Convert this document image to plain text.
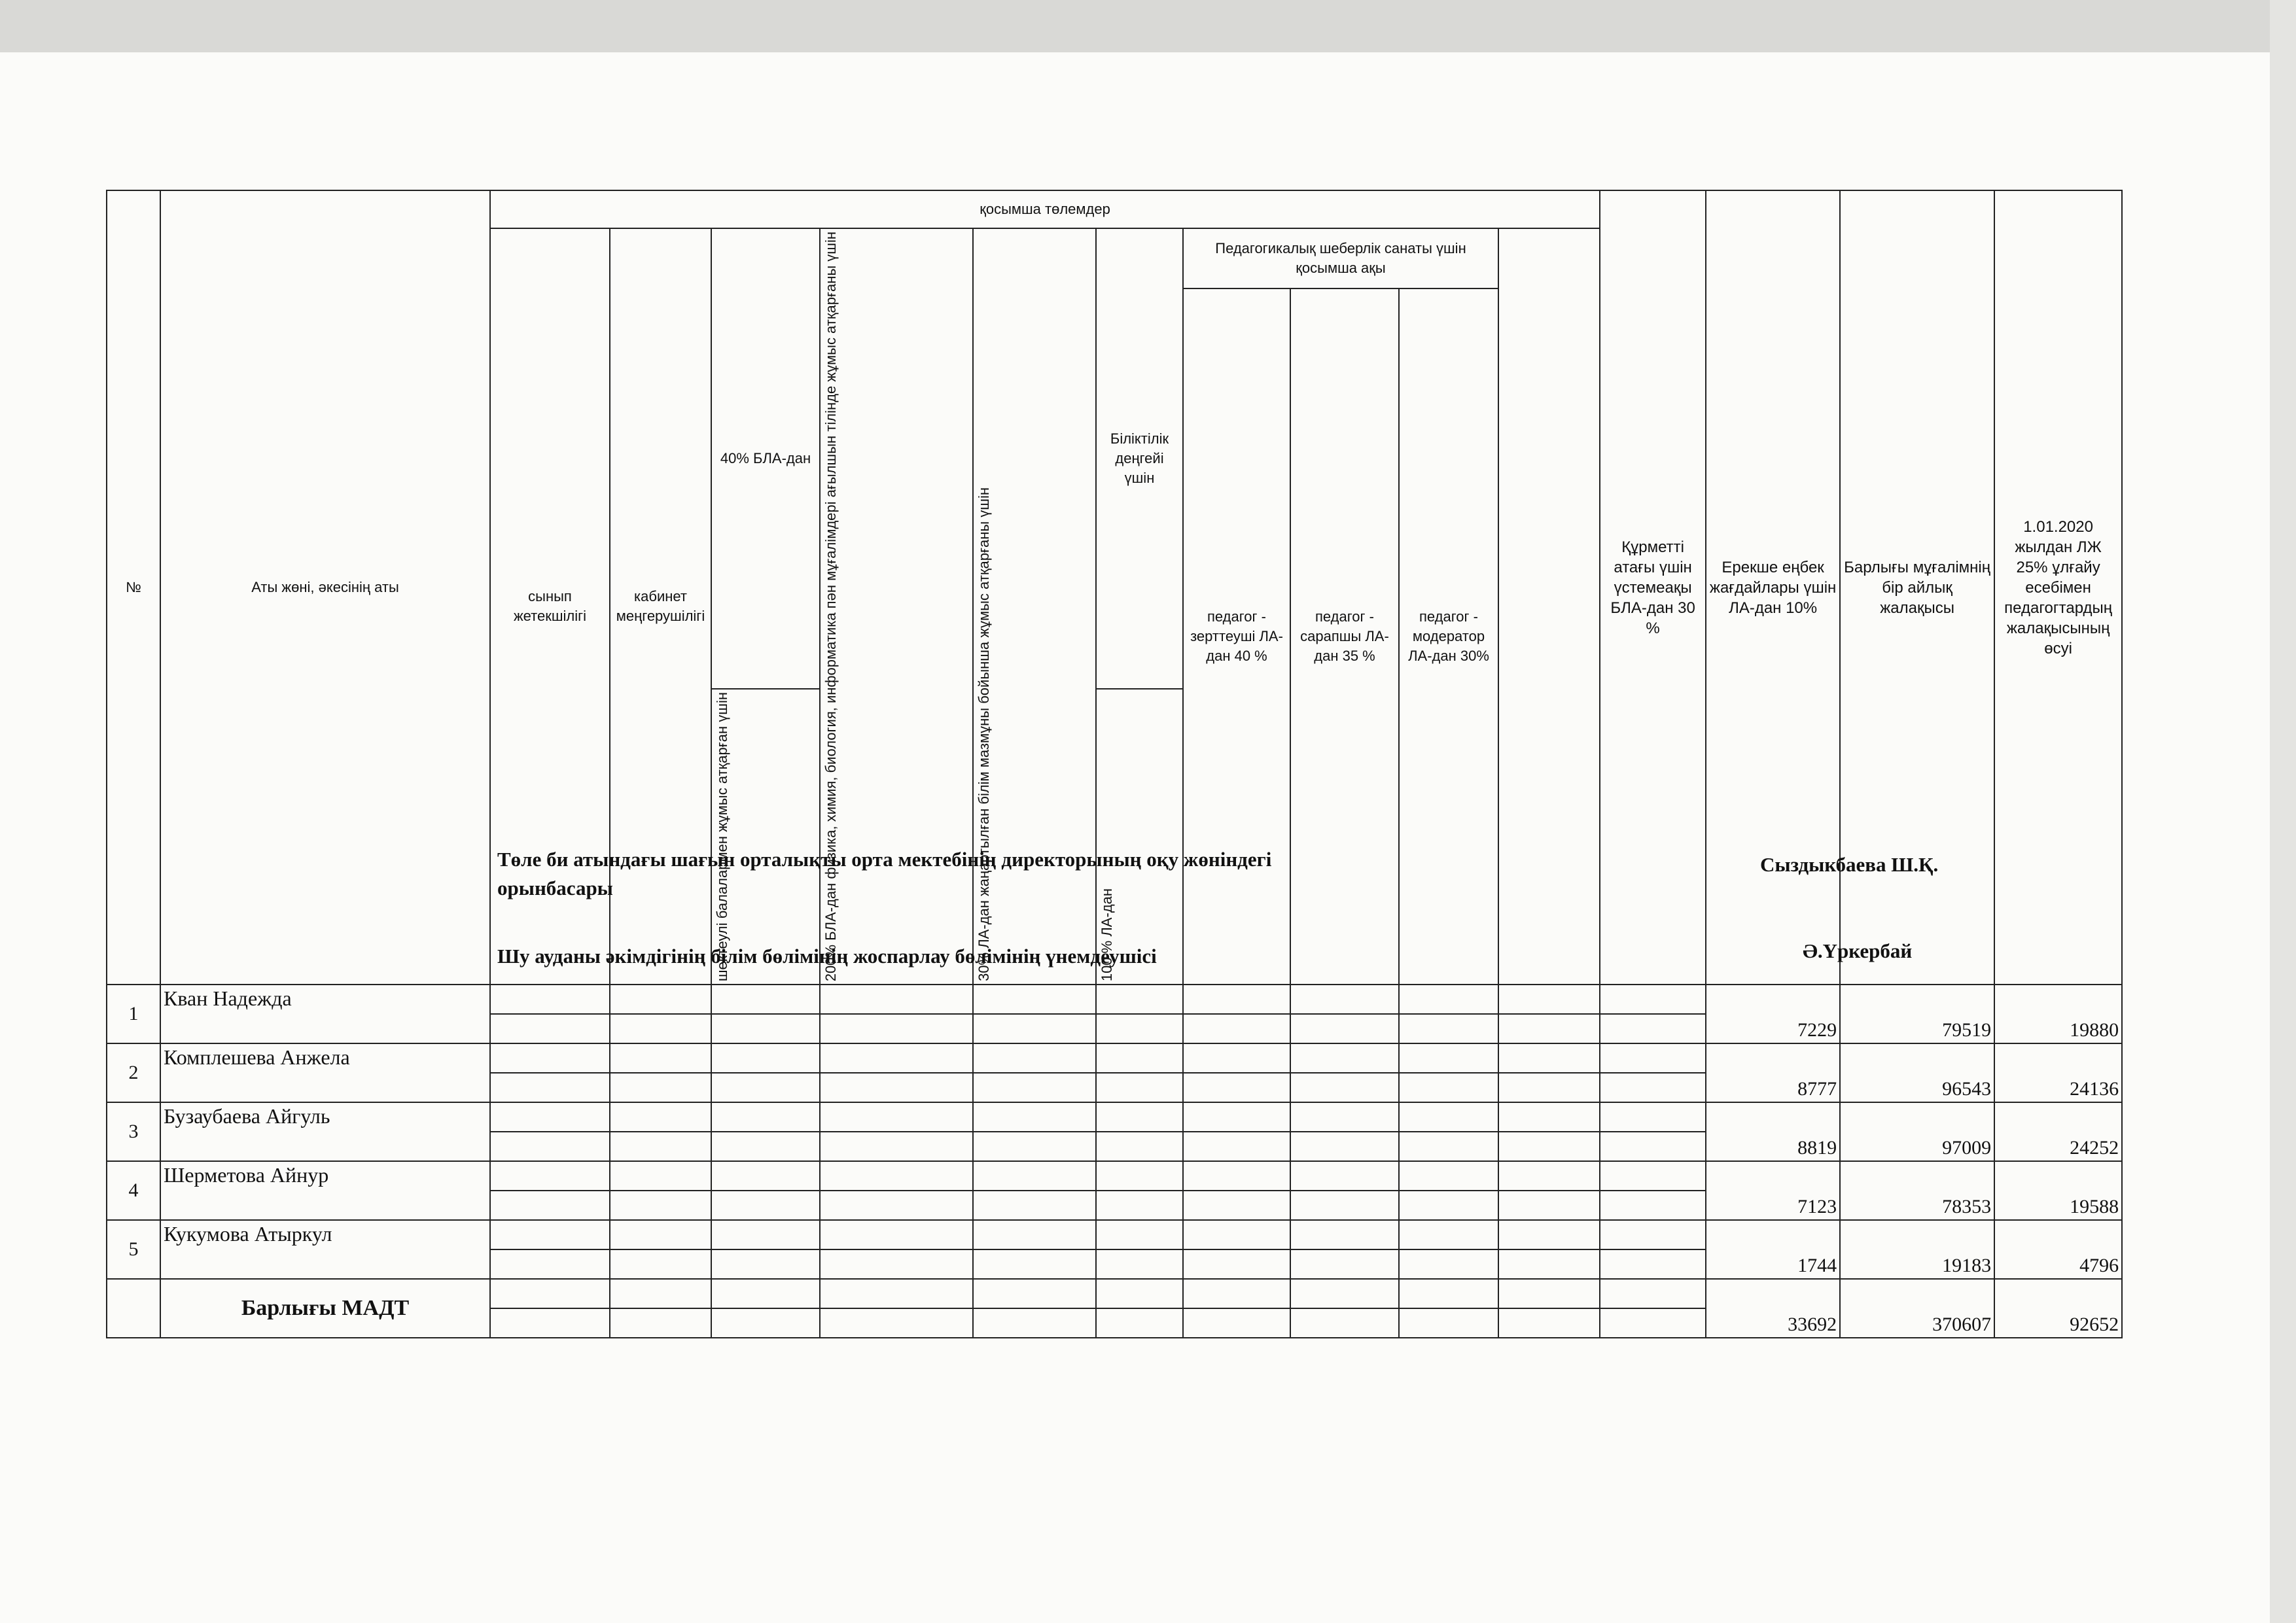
№	Аты жөні, әкесінің аты	қосымша төлемдер										Құрметті атағы үшін үстемеақы БЛА-дан 30 %	Ерекше еңбек жағдайлары үшін ЛА-дан 10%	Барлығы мұғалімнің бір айлық жалақысы	1.01.2020 жылдан ЛЖ 25% ұлғайу есебімен педагогтардың жалақысының өсуі	
		сынып жетекшілігі	кабинет меңгерушілігі	40% БЛА-дан	200% БЛА-дан физика, химия, биология, информатика пән мұғалімдері ағылшын тілінде жұмыс атқарғаны үшін	30% ЛА-дан жаңартылған білім мазмұны бойынша жұмыс атқарғаны үшін	Біліктілік деңгейі үшін	Педагогикалық шеберлік санаты үшін қосымша ақы								
								педагог - зерттеуші ЛА-дан 40 %	педагог - сарапшы ЛА-дан 35 %	педагог - модератор ЛА-дан 30%						

				шектеулі балалармен жұмыс атқарған үшін			100 % ЛА-дан									

1	Кван Надежда												7229	79519	19880	

2	Комплешева Анжела												8777	96543	24136	

3	Бузаубаева Айгуль												8819	97009	24252	

4	Шерметова Айнур												7123	78353	19588	

5	Кукумова Атыркул												1744	19183	4796	

	Барлығы МАДТ												33692	370607	92652	

Төле би атындағы шағын орталықты орта мектебінің директорының оқу жөніндегі орынбасары
Сыздыкбаева Ш.Қ.
Шу ауданы әкімдігінің білім бөлімінің жоспарлау бөлімінің үнемдеушісі	Ә.Үркербай
